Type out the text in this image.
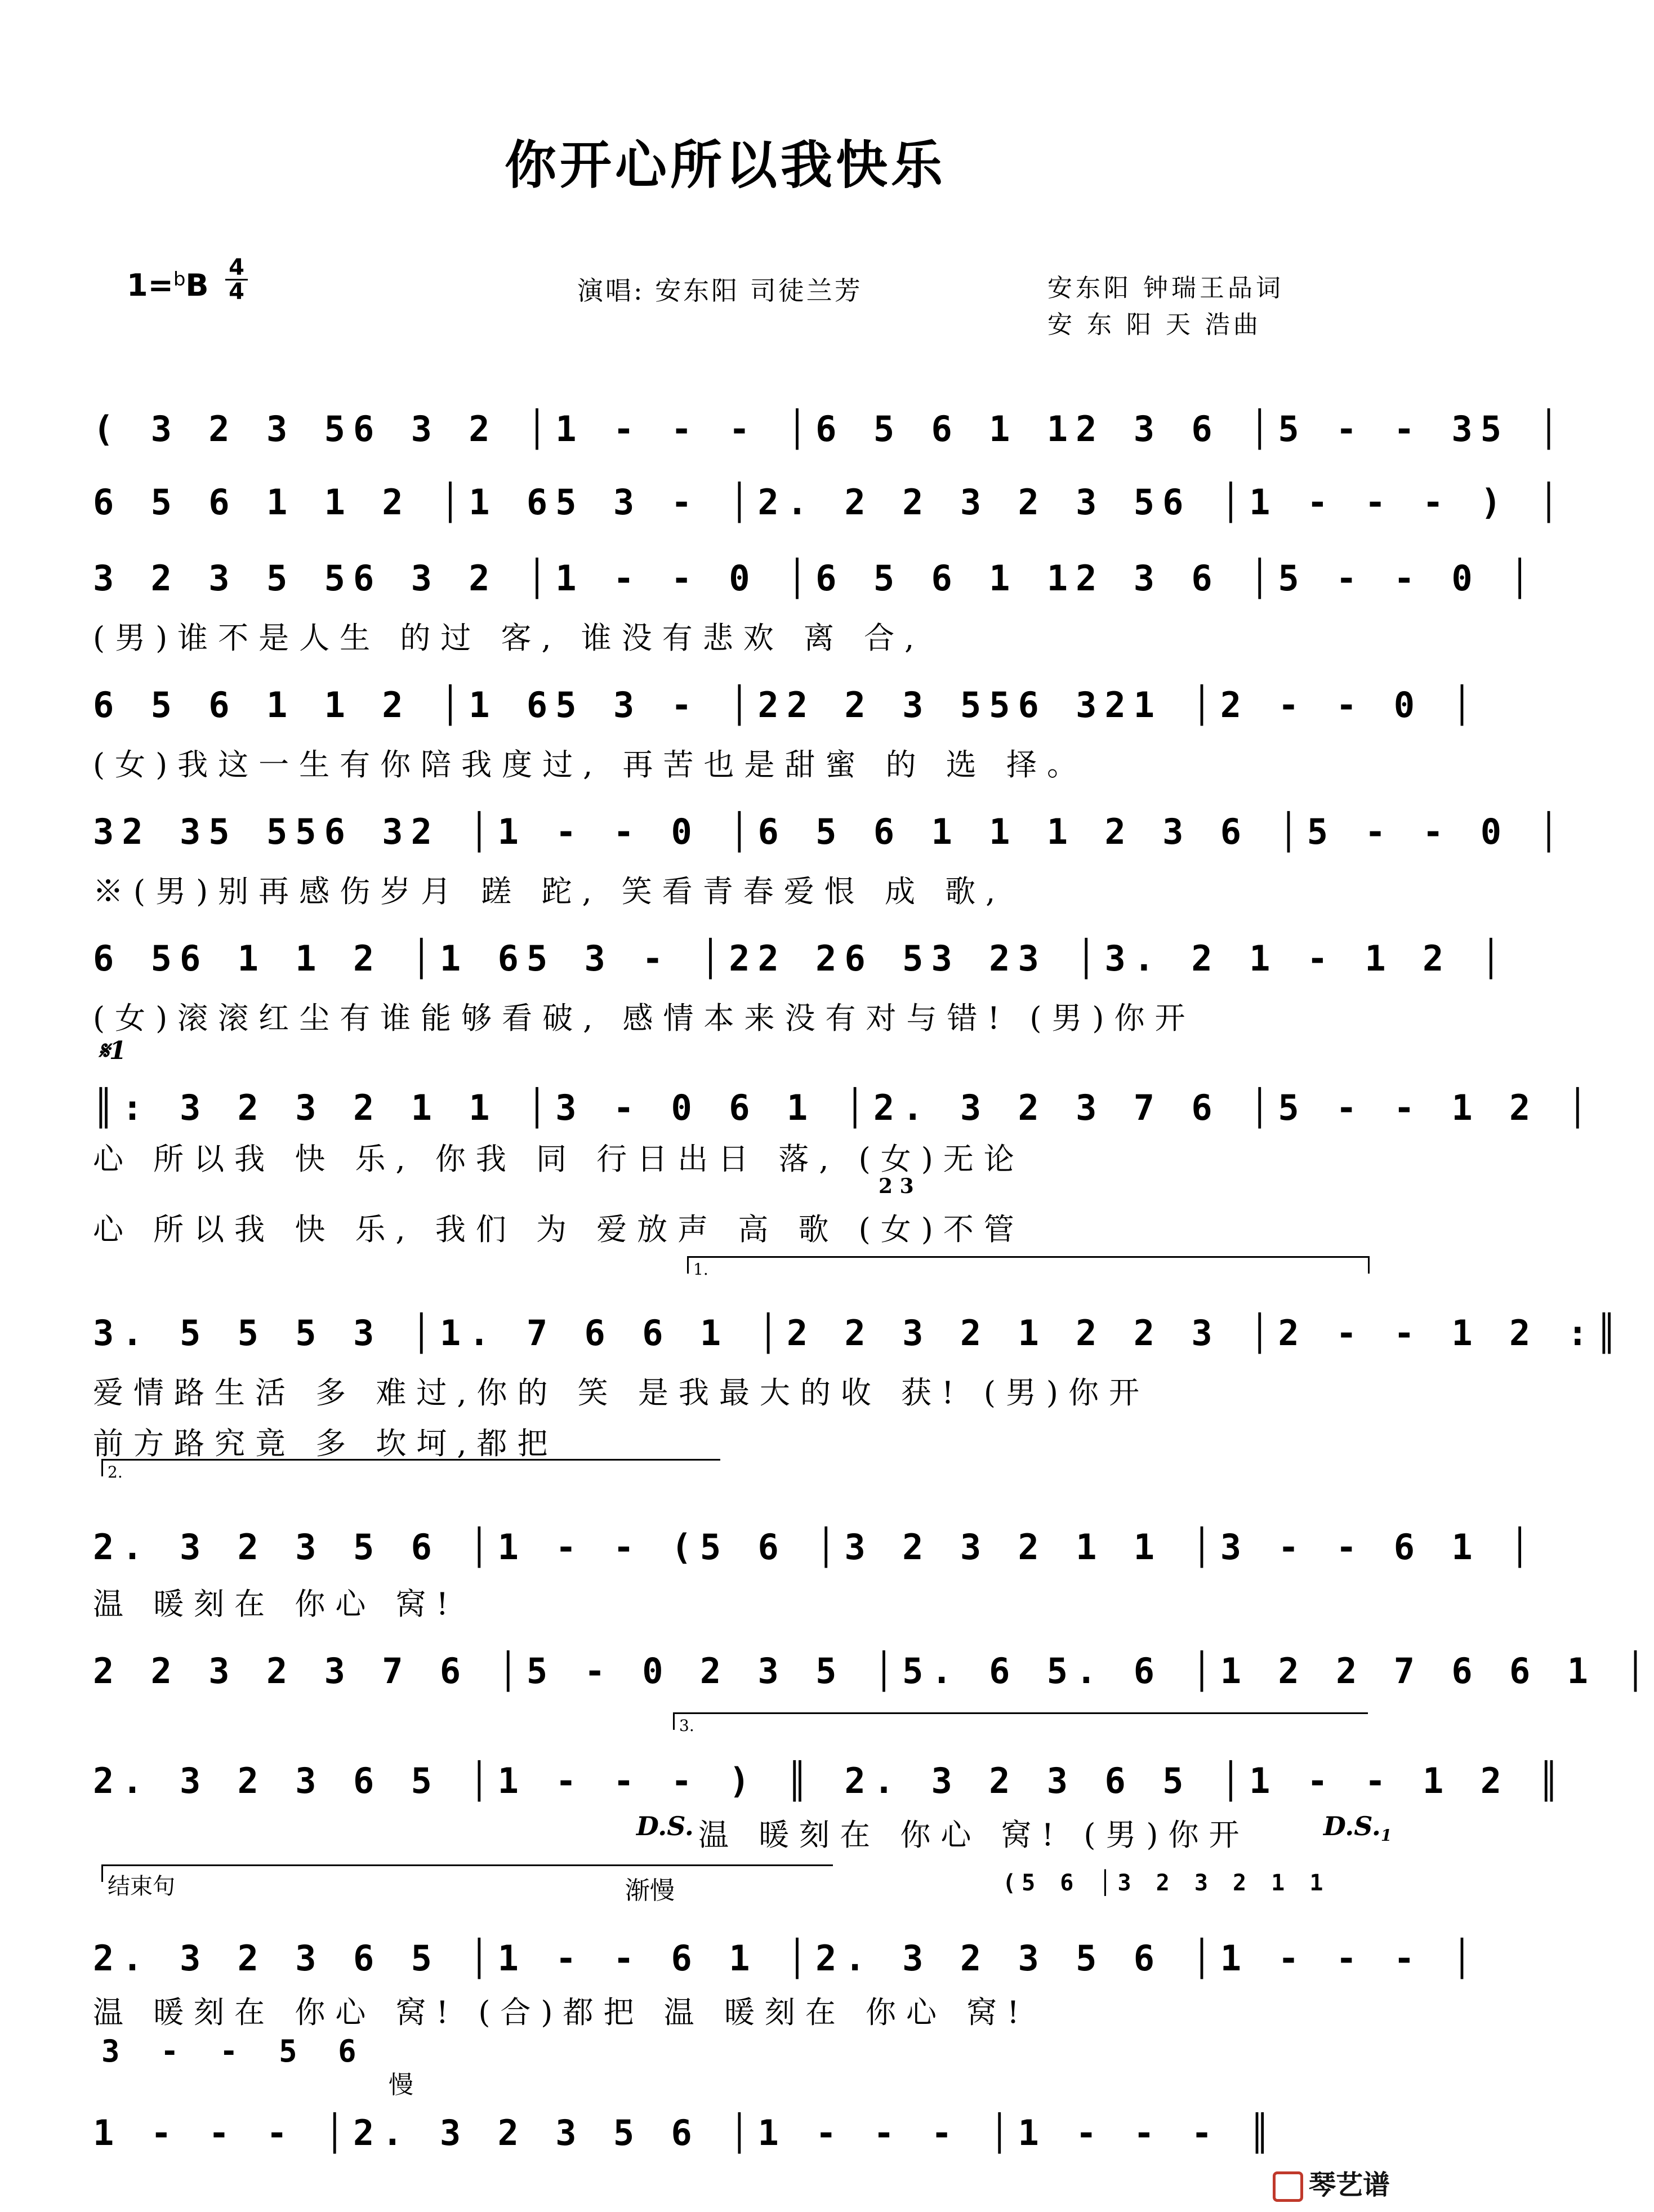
你开心所以我快乐
1=$^b$B 4
4	演唱: 安东阳 司徒兰芳	安东阳 钟瑞王品词
安 东 阳 天 浩曲
( 3 2 3 56 3 2 │1 - - - │6 5 6 1 12 3 6 │5 - - 35 │
6 5 6 1 1 2 │1 65 3 - │2. 2 2 3 2 3 56 │1 - - - ) │
3 2 3 5 56 3 2 │1 - - 0 │6 5 6 1 12 3 6 │5 - - 0 │
(男)谁不是人生 的过 客, 谁没有悲欢 离 合,
6 5 6 1 1 2 │1 65 3 - │22 2 3 556 321 │2 - - 0 │
(女)我这一生有你陪我度过, 再苦也是甜蜜 的 选 择。
32 35 556 32 │1 - - 0 │6 5 6 1 1 1 2 3 6 │5 - - 0 │
※(男)别再感伤岁月 蹉 跎, 笑看青春爱恨 成 歌,
6 56 1 1 2 │1 65 3 - │22 26 53 23 │3. 2 1 - 1 2 │
(女)滚滚红尘有谁能够看破, 感情本来没有对与错! (男)你开
𝄋1
║: 3 2 3 2 1 1 │3 - 0 6 1 │2. 3 2 3 7 6 │5 - - 1 2 │
心 所以我 快 乐, 你我 同 行日出日 落, (女)无论
2 3
心 所以我 快 乐, 我们 为 爱放声 高 歌 (女)不管
1.
3. 5 5 5 3 │1. 7 6 6 1 │2 2 3 2 1 2 2 3 │2 - - 1 2 :║
爱情路生活 多 难过,你的 笑 是我最大的收 获! (男)你开
前方路究竟 多 坎坷,都把
2.
2. 3 2 3 5 6 │1 - - (5 6 │3 2 3 2 1 1 │3 - - 6 1 │
温 暖刻在 你心 窝!
2 2 3 2 3 7 6 │5 - 0 2 3 5 │5. 6 5. 6 │1 2 2 7 6 6 1 │
3.
2. 3 2 3 6 5 │1 - - - ) ║ 2. 3 2 3 6 5 │1 - - 1 2 ║
D.S. 温 暖刻在 你心 窝! (男)你开	$D.S._1$
结束句	渐慢	(5 6 │3 2 3 2 1 1
2. 3 2 3 6 5 │1 - - 6 1 │2. 3 2 3 5 6 │1 - - - │
温 暖刻在 你心 窝! (合)都把 温 暖刻在 你心 窝!
3 - - 5 6
慢
1 - - - │2. 3 2 3 5 6 │1 - - - │1 - - - ║
琴艺谱
